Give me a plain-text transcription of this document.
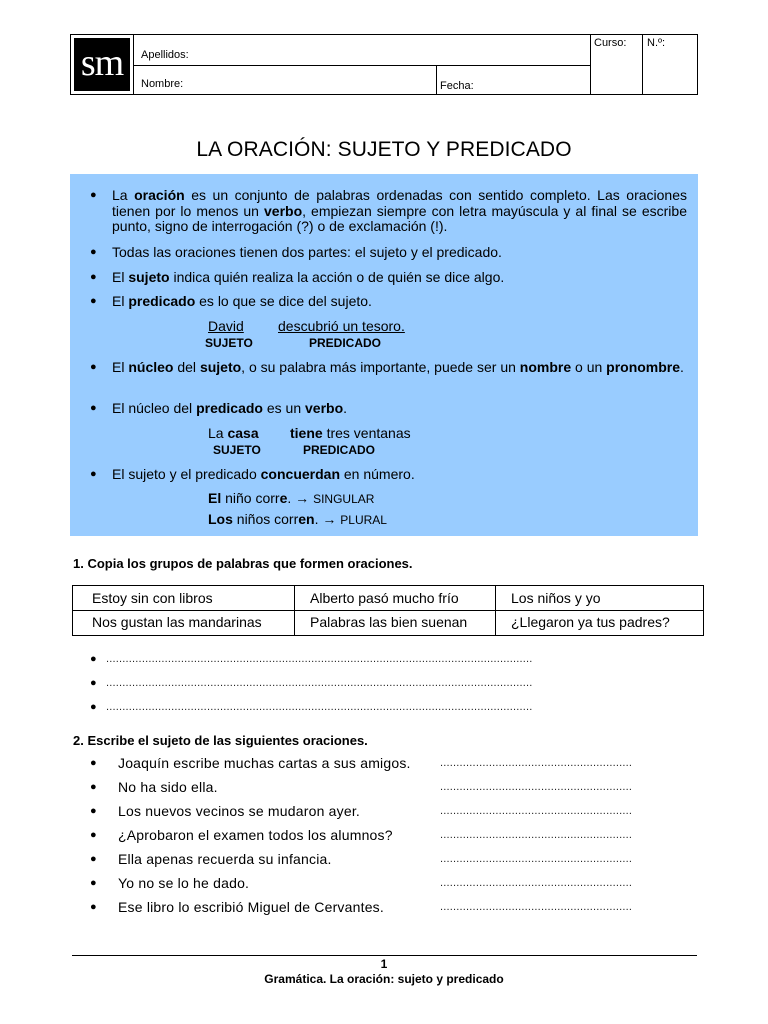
sm	Apellidos:
Curso: N.º:
Nombre:	Fecha:
LA ORACIÓN: SUJETO Y PREDICADO
● La oración es un conjunto de palabras ordenadas con sentido completo. Las oraciones tienen por lo menos un verbo, empiezan siempre con letra mayúscula y al final se escribe punto, signo de interrogación (?) o de exclamación (!).
● Todas las oraciones tienen dos partes: el sujeto y el predicado.
● El sujeto indica quién realiza la acción o de quién se dice algo.
● El predicado es lo que se dice del sujeto.
David descubrió un tesoro.
SUJETO	PREDICADO
● El núcleo del sujeto, o su palabra más importante, puede ser un nombre o un pronombre.
● El núcleo del predicado es un verbo.
La casa tiene tres ventanas
SUJETO	PREDICADO
● El sujeto y el predicado concuerdan en número.
El niño corre. → SINGULAR
Los niños corren. → PLURAL
1. Copia los grupos de palabras que formen oraciones.
Estoy sin con libros	Alberto pasó mucho frío	Los niños y yo
Nos gustan las mandarinas	Palabras las bien suenan	¿Llegaron ya tus padres?
● ...................................................................................................................................
● ...................................................................................................................................
● ...................................................................................................................................
2. Escribe el sujeto de las siguientes oraciones.
● Joaquín escribe muchas cartas a sus amigos.	...........................................................
● No ha sido ella.	...........................................................
● Los nuevos vecinos se mudaron ayer.	...........................................................
● ¿Aprobaron el examen todos los alumnos?	...........................................................
● Ella apenas recuerda su infancia.	...........................................................
● Yo no se lo he dado.	...........................................................
● Ese libro lo escribió Miguel de Cervantes.	...........................................................
1
Gramática. La oración: sujeto y predicado
